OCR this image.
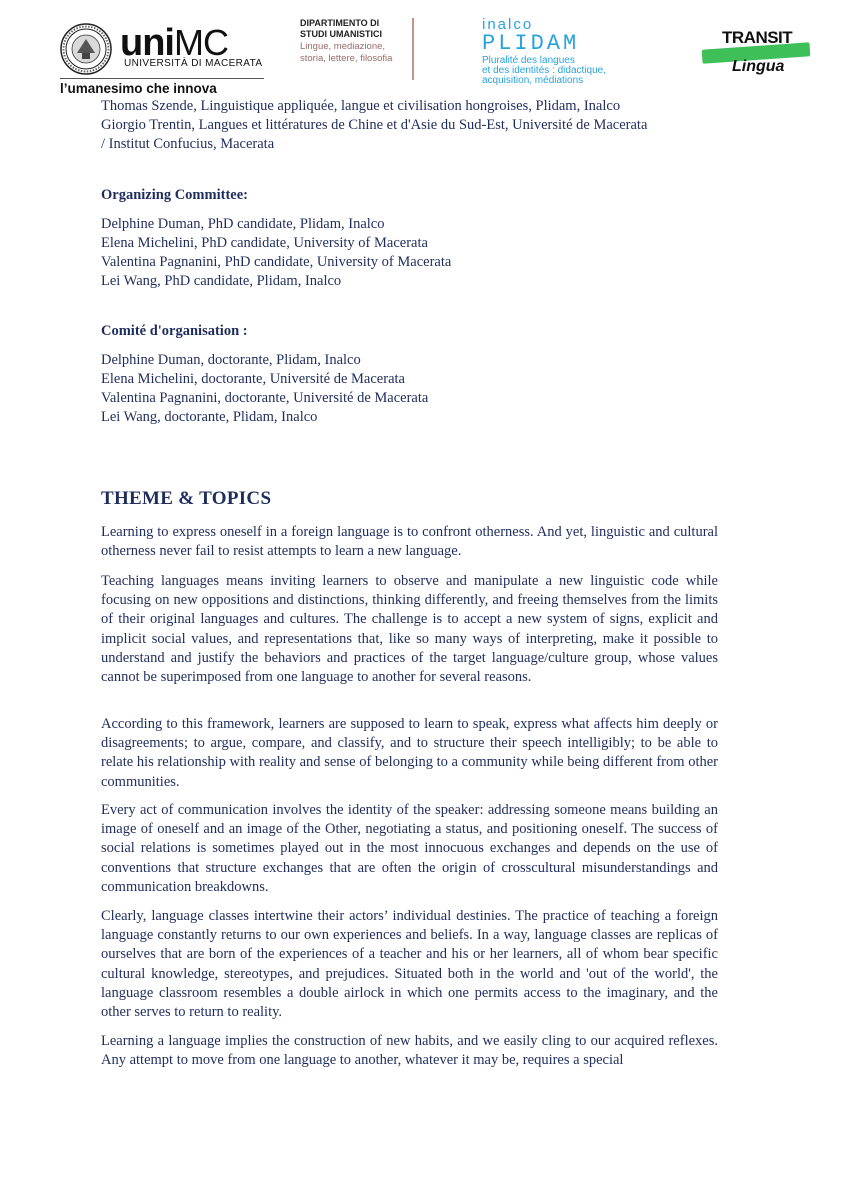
uniMC
UNIVERSITÀ DI MACERATA
l’umanesimo che innova
DIPARTIMENTO DI
STUDI UMANISTICI
Lingue, mediazione,
storia, lettere, filosofia
inalco
PLIDAM
Pluralité des langues
et des identités : didactique,
acquisition, médiations
TRANSIT
Lingua
Thomas Szende, Linguistique appliquée, langue et civilisation hongroises, Plidam, Inalco
Giorgio Trentin, Langues et littératures de Chine et d'Asie du Sud-Est, Université de Macerata
/ Institut Confucius, Macerata
Organizing Committee:
Delphine Duman, PhD candidate, Plidam, Inalco
Elena Michelini, PhD candidate, University of Macerata
Valentina Pagnanini, PhD candidate, University of Macerata
Lei Wang, PhD candidate, Plidam, Inalco
Comité d'organisation :
Delphine Duman, doctorante, Plidam, Inalco
Elena Michelini, doctorante, Université de Macerata
Valentina Pagnanini, doctorante, Université de Macerata
Lei Wang, doctorante, Plidam, Inalco
THEME & TOPICS
Learning to express oneself in a foreign language is to confront otherness. And yet, linguistic and cultural otherness never fail to resist attempts to learn a new language.
Teaching languages means inviting learners to observe and manipulate a new linguistic code while focusing on new oppositions and distinctions, thinking differently, and freeing themselves from the limits of their original languages and cultures. The challenge is to accept a new system of signs, explicit and implicit social values, and representations that, like so many ways of interpreting, make it possible to understand and justify the behaviors and practices of the target language/culture group, whose values cannot be superimposed from one language to another for several reasons.
According to this framework, learners are supposed to learn to speak, express what affects him deeply or disagreements; to argue, compare, and classify, and to structure their speech intelligibly; to be able to relate his relationship with reality and sense of belonging to a community while being different from other communities.
Every act of communication involves the identity of the speaker: addressing someone means building an image of oneself and an image of the Other, negotiating a status, and positioning oneself. The success of social relations is sometimes played out in the most innocuous exchanges and depends on the use of conventions that structure exchanges that are often the origin of crosscultural misunderstandings and communication breakdowns.
Clearly, language classes intertwine their actors’ individual destinies. The practice of teaching a foreign language constantly returns to our own experiences and beliefs. In a way, language classes are replicas of ourselves that are born of the experiences of a teacher and his or her learners, all of whom bear specific cultural knowledge, stereotypes, and prejudices. Situated both in the world and 'out of the world', the language classroom resembles a double airlock in which one permits access to the imaginary, and the other serves to return to reality.
Learning a language implies the construction of new habits, and we easily cling to our acquired reflexes. Any attempt to move from one language to another, whatever it may be, requires a special
